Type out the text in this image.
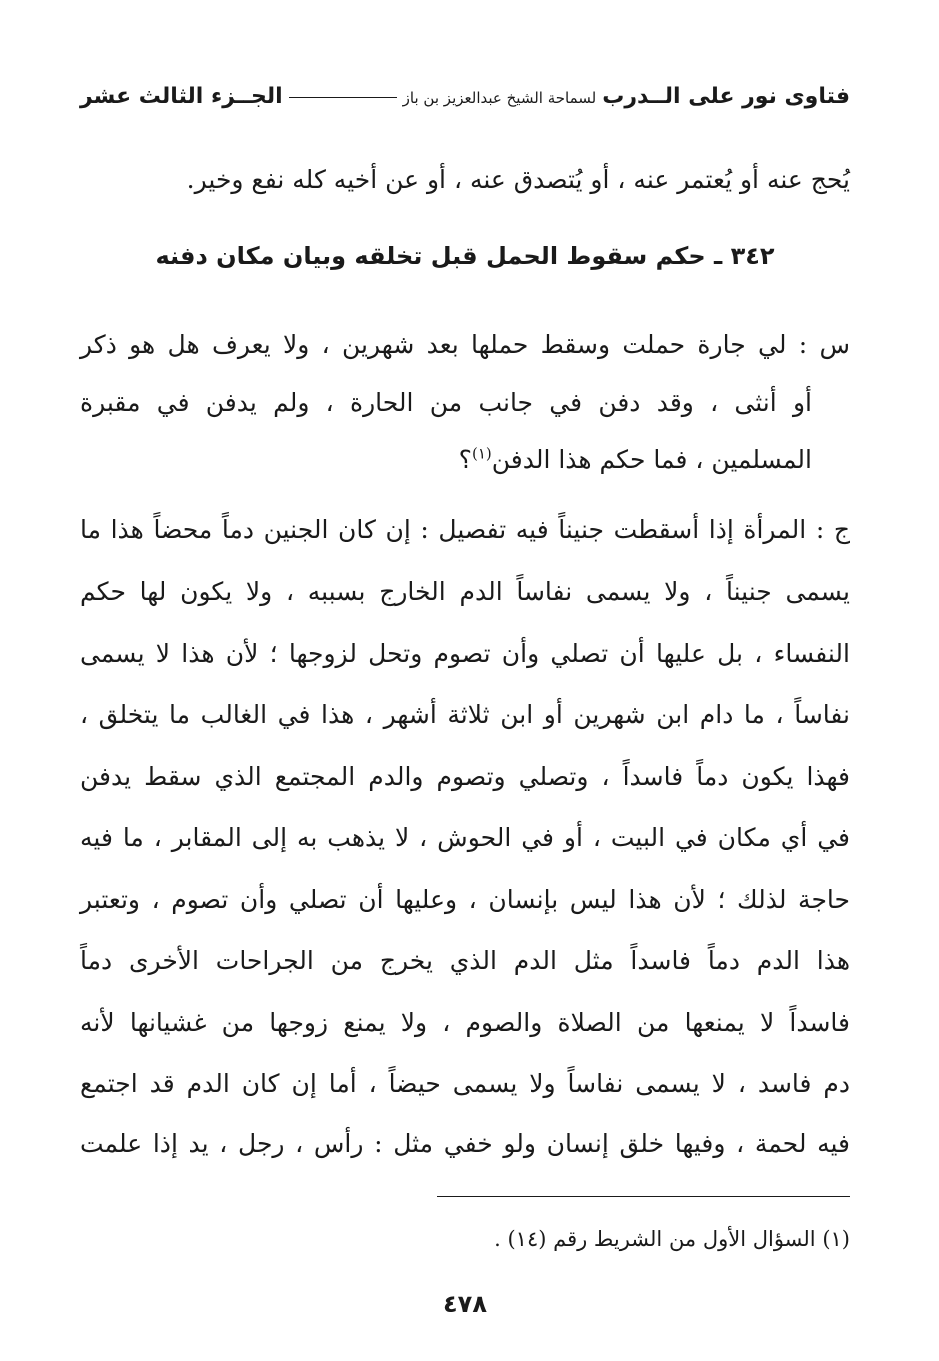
فتاوى نور على الــدرب
لسماحة الشيخ عبدالعزيز بن باز
الجــزء الثالث عشر
يُحج عنه أو يُعتمر عنه ، أو يُتصدق عنه ، أو عن أخيه كله نفع وخير.
٣٤٢ ـ حكم سقوط الحمل قبل تخلقه وبيان مكان دفنه
س : لي جارة حملت وسقط حملها بعد شهرين ، ولا يعرف هل هو ذكر
أو أنثى ، وقد دفن في جانب من الحارة ، ولم يدفن في مقبرة
المسلمين ، فما حكم هذا الدفن$^{(١)}$؟
ج : المرأة إذا أسقطت جنيناً فيه تفصيل : إن كان الجنين دماً محضاً هذا ما
يسمى جنيناً ، ولا يسمى نفاساً الدم الخارج بسببه ، ولا يكون لها حكم
النفساء ، بل عليها أن تصلي وأن تصوم وتحل لزوجها ؛ لأن هذا لا يسمى
نفاساً ، ما دام ابن شهرين أو ابن ثلاثة أشهر ، هذا في الغالب ما يتخلق ،
فهذا يكون دماً فاسداً ، وتصلي وتصوم والدم المجتمع الذي سقط يدفن
في أي مكان في البيت ، أو في الحوش ، لا يذهب به إلى المقابر ، ما فيه
حاجة لذلك ؛ لأن هذا ليس بإنسان ، وعليها أن تصلي وأن تصوم ، وتعتبر
هذا الدم دماً فاسداً مثل الدم الذي يخرج من الجراحات الأخرى دماً
فاسداً لا يمنعها من الصلاة والصوم ، ولا يمنع زوجها من غشيانها لأنه
دم فاسد ، لا يسمى نفاساً ولا يسمى حيضاً ، أما إن كان الدم قد اجتمع
فيه لحمة ، وفيها خلق إنسان ولو خفي مثل : رأس ، رجل ، يد إذا علمت
(١) السؤال الأول من الشريط رقم (١٤) .
٤٧٨
